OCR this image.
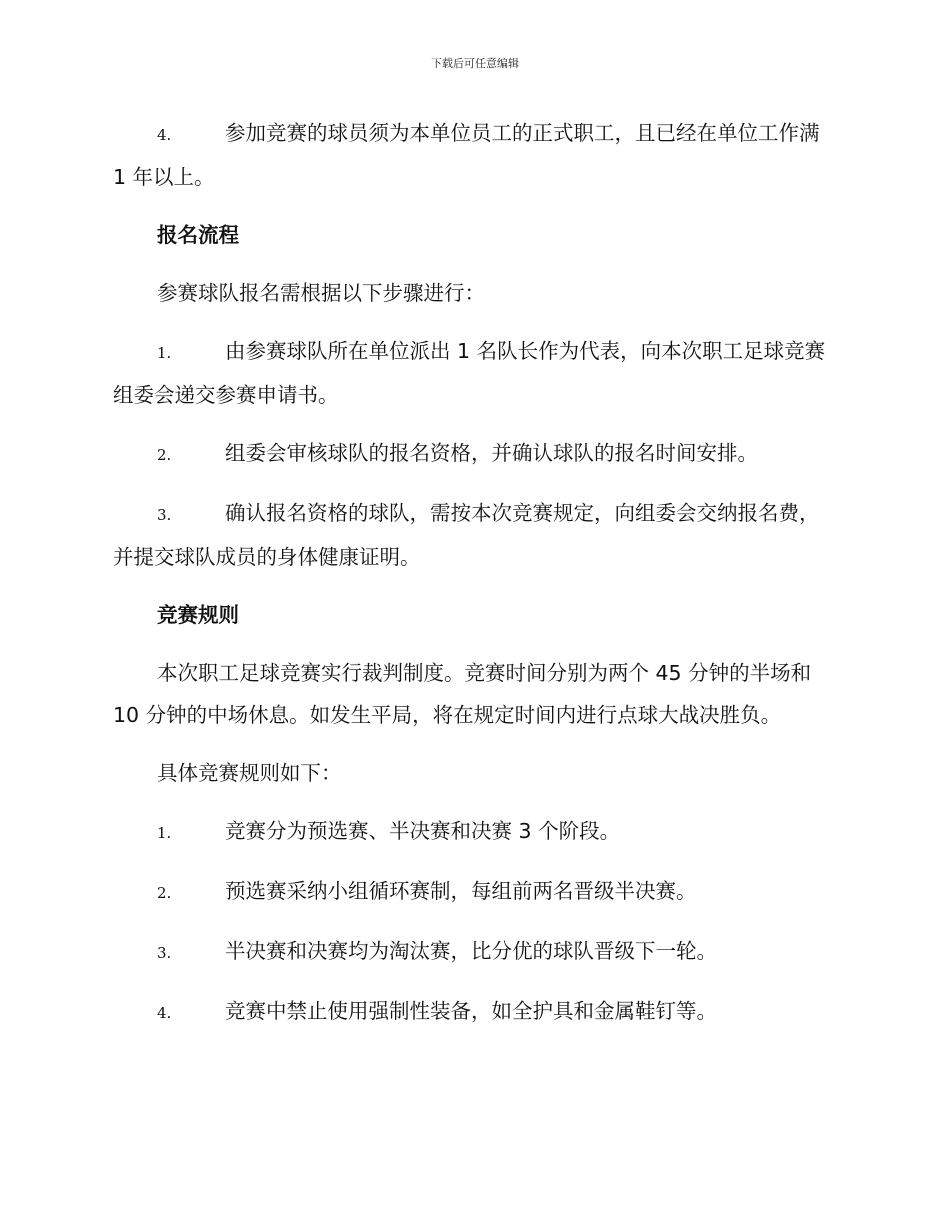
下载后可任意编辑

4.	参加竞赛的球员须为本单位员工的正式职工，且已经在单位工作满 1 年以上。

报名流程

参赛球队报名需根据以下步骤进行：

1.	由参赛球队所在单位派出 1 名队长作为代表，向本次职工足球竞赛组委会递交参赛申请书。

2.	组委会审核球队的报名资格，并确认球队的报名时间安排。

3.	确认报名资格的球队，需按本次竞赛规定，向组委会交纳报名费，并提交球队成员的身体健康证明。

竞赛规则

本次职工足球竞赛实行裁判制度。竞赛时间分别为两个 45 分钟的半场和 10 分钟的中场休息。如发生平局，将在规定时间内进行点球大战决胜负。

具体竞赛规则如下：

1.	竞赛分为预选赛、半决赛和决赛 3 个阶段。

2.	预选赛采纳小组循环赛制，每组前两名晋级半决赛。

3.	半决赛和决赛均为淘汰赛，比分优的球队晋级下一轮。

4.	竞赛中禁止使用强制性装备，如全护具和金属鞋钉等。
